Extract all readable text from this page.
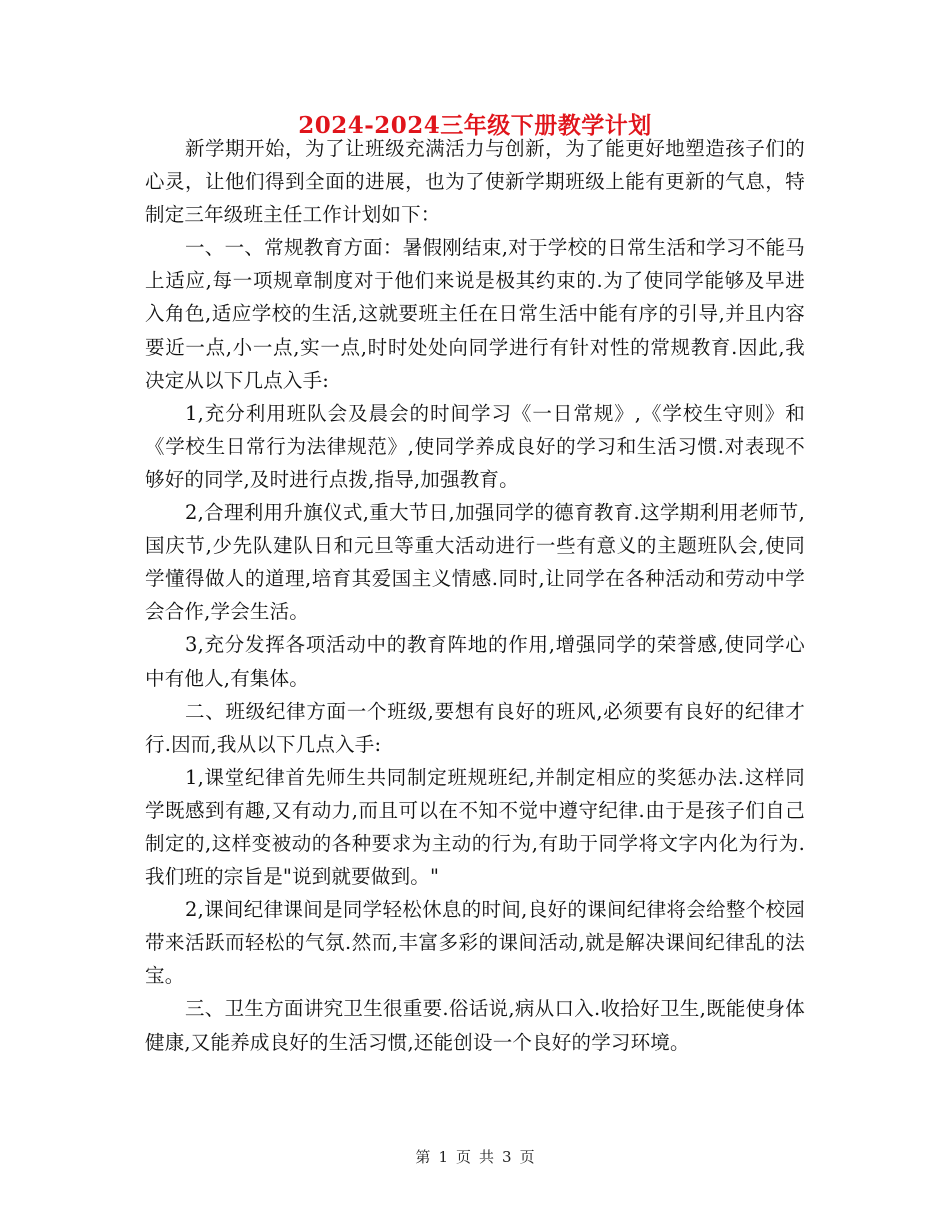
2024-2024三年级下册教学计划

新学期开始，为了让班级充满活力与创新，为了能更好地塑造孩子们的心灵，让他们得到全面的进展，也为了使新学期班级上能有更新的气息，特制定三年级班主任工作计划如下：

一、一、常规教育方面：暑假刚结束,对于学校的日常生活和学习不能马上适应,每一项规章制度对于他们来说是极其约束的.为了使同学能够及早进入角色,适应学校的生活,这就要班主任在日常生活中能有序的引导,并且内容要近一点,小一点,实一点,时时处处向同学进行有针对性的常规教育.因此,我决定从以下几点入手:

1,充分利用班队会及晨会的时间学习《一日常规》,《学校生守则》和《学校生日常行为法律规范》,使同学养成良好的学习和生活习惯.对表现不够好的同学,及时进行点拨,指导,加强教育。

2,合理利用升旗仪式,重大节日,加强同学的德育教育.这学期利用老师节,国庆节,少先队建队日和元旦等重大活动进行一些有意义的主题班队会,使同学懂得做人的道理,培育其爱国主义情感.同时,让同学在各种活动和劳动中学会合作,学会生活。

3,充分发挥各项活动中的教育阵地的作用,增强同学的荣誉感,使同学心中有他人,有集体。

二、班级纪律方面一个班级,要想有良好的班风,必须要有良好的纪律才行.因而,我从以下几点入手:

1,课堂纪律首先师生共同制定班规班纪,并制定相应的奖惩办法.这样同学既感到有趣,又有动力,而且可以在不知不觉中遵守纪律.由于是孩子们自己制定的,这样变被动的各种要求为主动的行为,有助于同学将文字内化为行为.我们班的宗旨是"说到就要做到。"

2,课间纪律课间是同学轻松休息的时间,良好的课间纪律将会给整个校园带来活跃而轻松的气氛.然而,丰富多彩的课间活动,就是解决课间纪律乱的法宝。

三、卫生方面讲究卫生很重要.俗话说,病从口入.收拾好卫生,既能使身体健康,又能养成良好的生活习惯,还能创设一个良好的学习环境。

第 1 页 共 3 页
